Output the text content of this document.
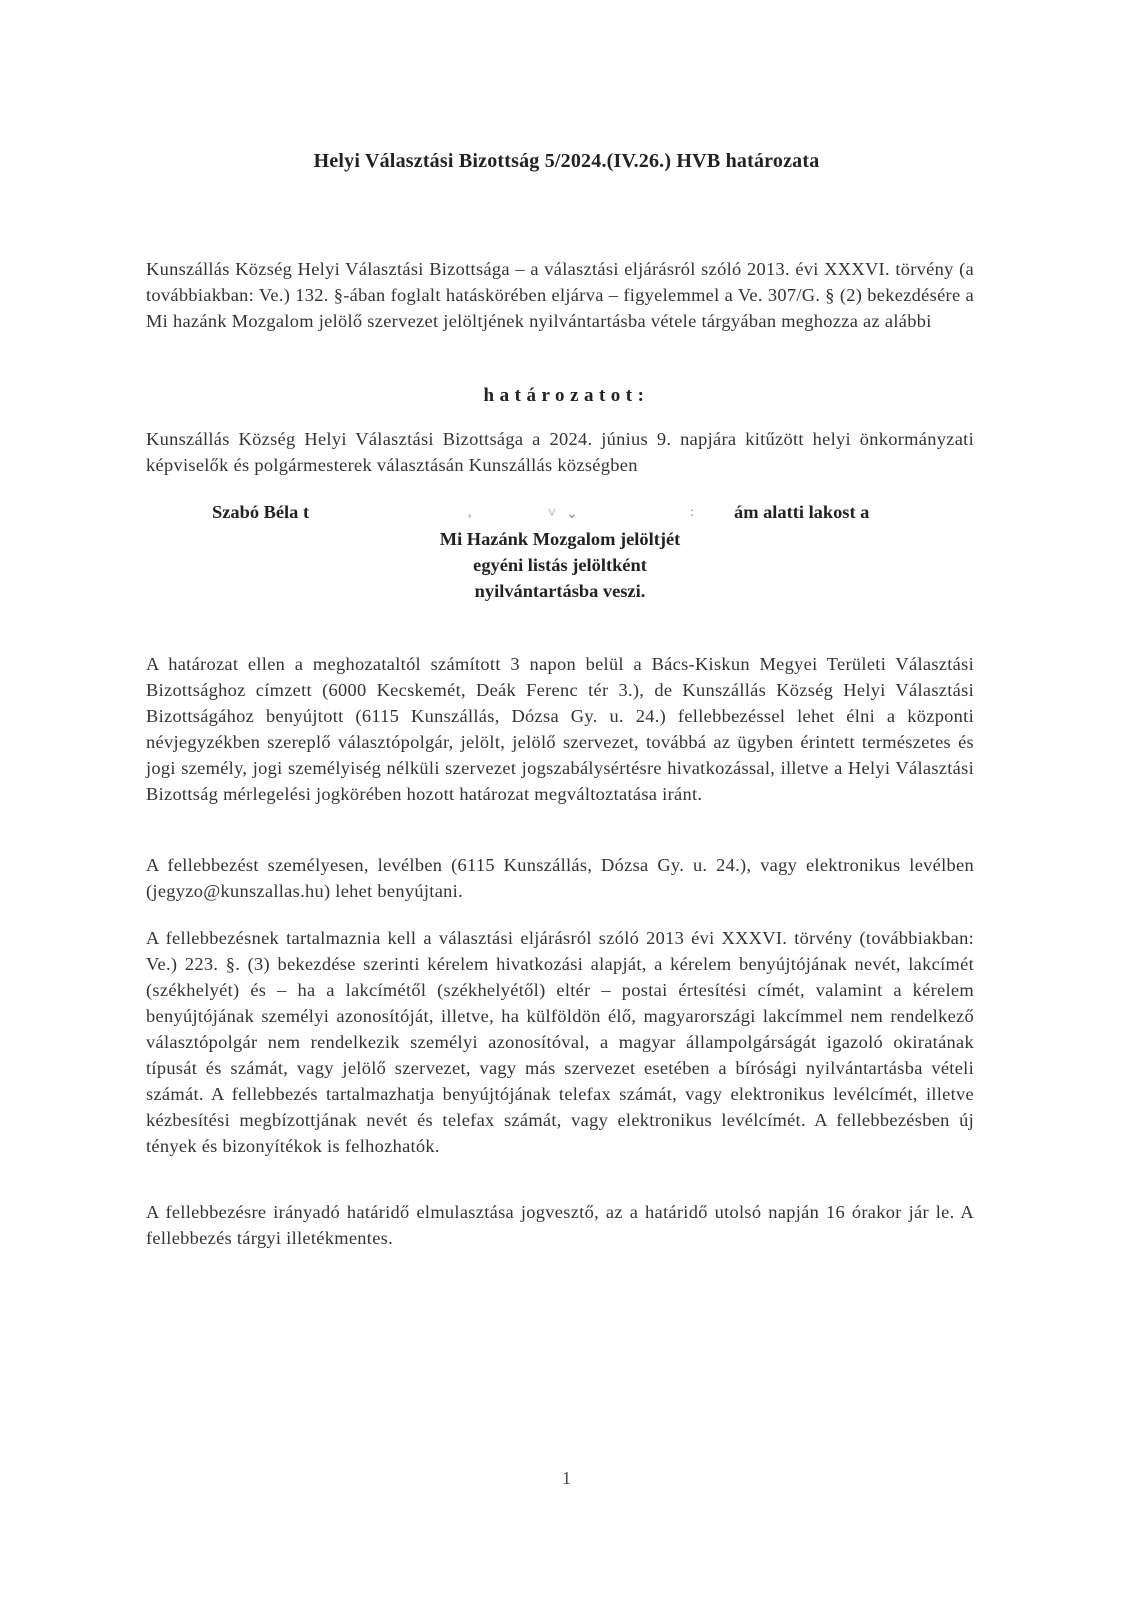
Helyi Választási Bizottság 5/2024.(IV.26.) HVB határozata
Kunszállás Község Helyi Választási Bizottsága – a választási eljárásról szóló 2013. évi XXXVI. törvény (a továbbiakban: Ve.) 132. §-ában foglalt hatáskörében eljárva – figyelemmel a Ve. 307/G. § (2) bekezdésére a Mi hazánk Mozgalom jelölő szervezet jelöltjének nyilvántartásba vétele tárgyában meghozza az alábbi
határozatot:
Kunszállás Község Helyi Választási Bizottsága a 2024. június 9. napjára kitűzött helyi önkormányzati képviselők és polgármesterek választásán Kunszállás községben
Szabó Béla t	,	˅ ⌄	: ám alatti lakost a
Mi Hazánk Mozgalom jelöltjét
egyéni listás jelöltként
nyilvántartásba veszi.
A határozat ellen a meghozataltól számított 3 napon belül a Bács-Kiskun Megyei Területi Választási Bizottsághoz címzett (6000 Kecskemét, Deák Ferenc tér 3.), de Kunszállás Község Helyi Választási Bizottságához benyújtott (6115 Kunszállás, Dózsa Gy. u. 24.) fellebbezéssel lehet élni a központi névjegyzékben szereplő választópolgár, jelölt, jelölő szervezet, továbbá az ügyben érintett természetes és jogi személy, jogi személyiség nélküli szervezet jogszabálysértésre hivatkozással, illetve a Helyi Választási Bizottság mérlegelési jogkörében hozott határozat megváltoztatása iránt.
A fellebbezést személyesen, levélben (6115 Kunszállás, Dózsa Gy. u. 24.), vagy elektronikus levélben (jegyzo@kunszallas.hu) lehet benyújtani.
A fellebbezésnek tartalmaznia kell a választási eljárásról szóló 2013 évi XXXVI. törvény (továbbiakban: Ve.) 223. §. (3) bekezdése szerinti kérelem hivatkozási alapját, a kérelem benyújtójának nevét, lakcímét (székhelyét) és – ha a lakcímétől (székhelyétől) eltér – postai értesítési címét, valamint a kérelem benyújtójának személyi azonosítóját, illetve, ha külföldön élő, magyarországi lakcímmel nem rendelkező választópolgár nem rendelkezik személyi azonosítóval, a magyar állampolgárságát igazoló okiratának típusát és számát, vagy jelölő szervezet, vagy más szervezet esetében a bírósági nyilvántartásba vételi számát. A fellebbezés tartalmazhatja benyújtójának telefax számát, vagy elektronikus levélcímét, illetve kézbesítési megbízottjának nevét és telefax számát, vagy elektronikus levélcímét. A fellebbezésben új tények és bizonyítékok is felhozhatók.
A fellebbezésre irányadó határidő elmulasztása jogvesztő, az a határidő utolsó napján 16 órakor jár le. A fellebbezés tárgyi illetékmentes.
1
